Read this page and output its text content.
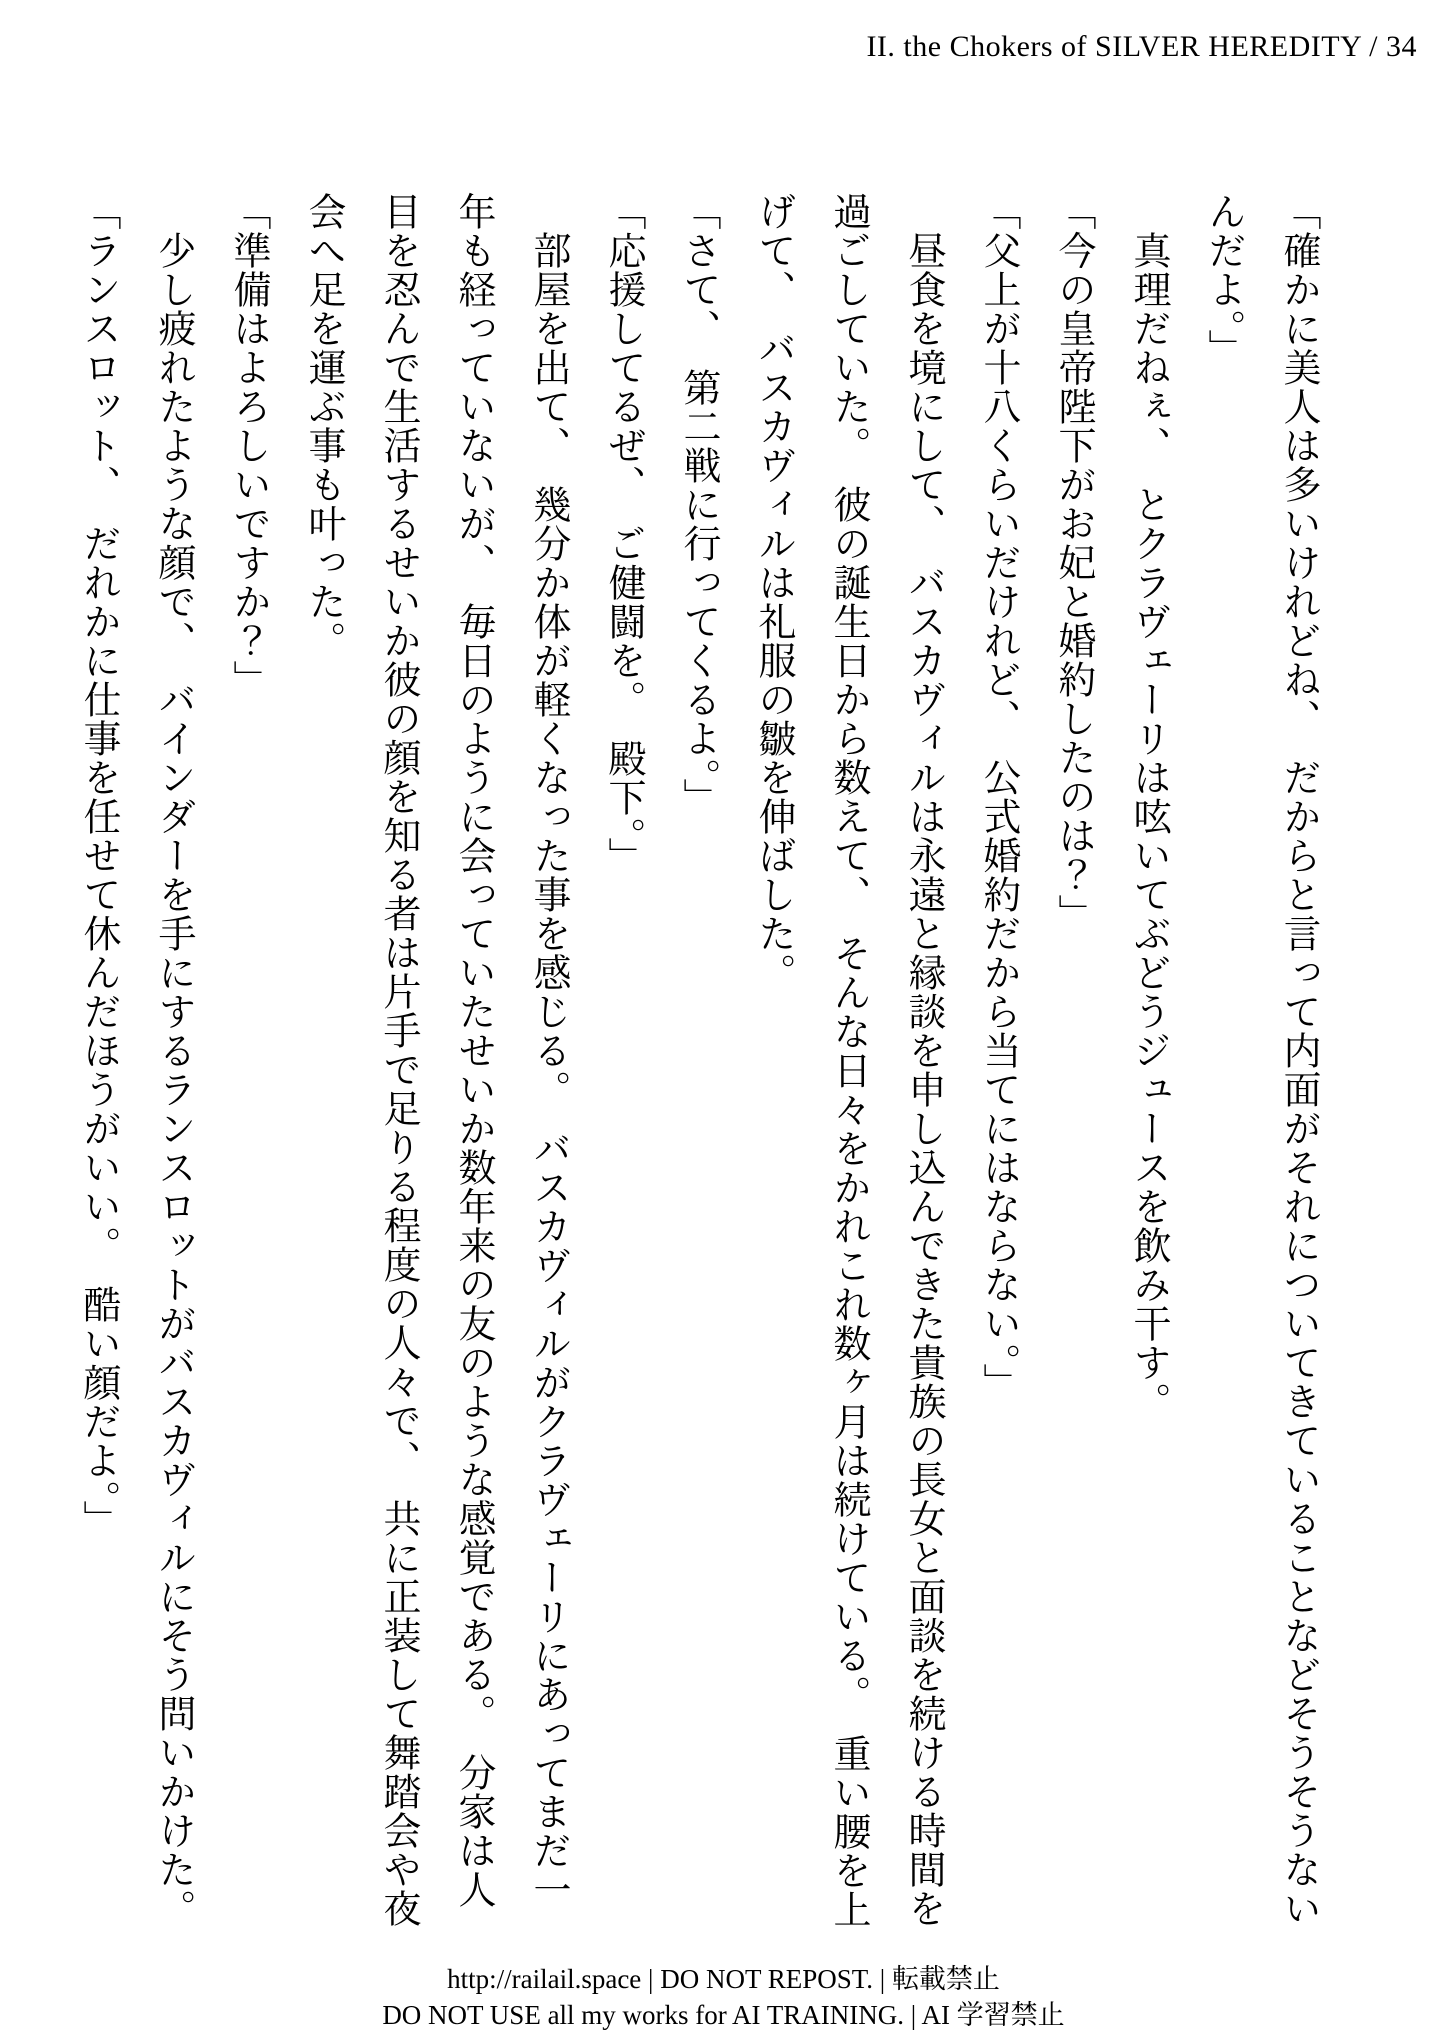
II. the Chokers of SILVER HEREDITY / 34

「確かに美人は多いけれどね、　だからと言って内面がそれについてきていることなどそうそうないんだよ。」

　真理だねぇ、　とクラヴェーリは呟いてぶどうジュースを飲み干す。

「今の皇帝陛下がお妃と婚約したのは？」

「父上が十八くらいだけれど、　公式婚約だから当てにはならない。」

　昼食を境にして、　バスカヴィルは永遠と縁談を申し込んできた貴族の長女と面談を続ける時間を過ごしていた。　彼の誕生日から数えて、　そんな日々をかれこれ数ヶ月は続けている。　重い腰を上げて、　バスカヴィルは礼服の皺を伸ばした。

「さて、　第二戦に行ってくるよ。」

「応援してるぜ、　ご健闘を。　殿下。」

　部屋を出て、　幾分か体が軽くなった事を感じる。　バスカヴィルがクラヴェーリにあってまだ一年も経っていないが、　毎日のように会っていたせいか数年来の友のような感覚である。　分家は人目を忍んで生活するせいか彼の顔を知る者は片手で足りる程度の人々で、　共に正装して舞踏会や夜会へ足を運ぶ事も叶った。

「準備はよろしいですか？」

　少し疲れたような顔で、　バインダーを手にするランスロットがバスカヴィルにそう問いかけた。

「ランスロット、　だれかに仕事を任せて休んだほうがいい。　酷い顔だよ。」

http://railail.space | DO NOT REPOST. | 転載禁止
DO NOT USE all my works for AI TRAINING. | AI 学習禁止
